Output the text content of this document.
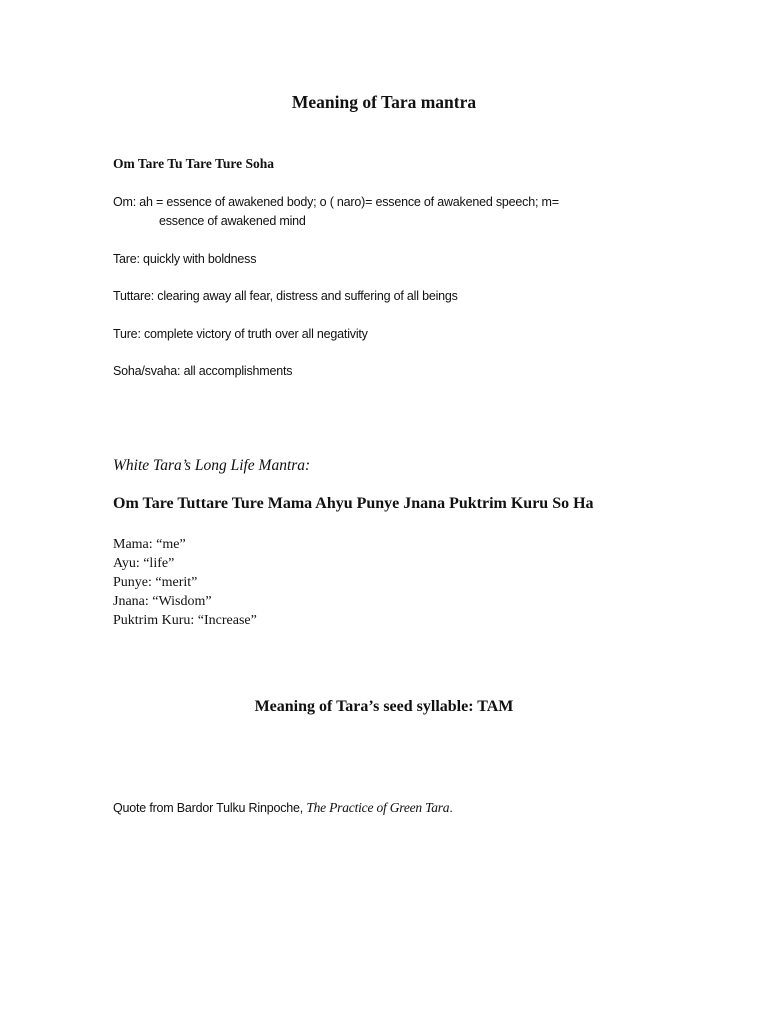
Meaning of Tara mantra
Om Tare Tu Tare Ture Soha
Om: ah = essence of awakened body; o ( naro)= essence of awakened speech; m=
essence of awakened mind
Tare: quickly with boldness
Tuttare: clearing away all fear, distress and suffering of all beings
Ture: complete victory of truth over all negativity
Soha/svaha: all accomplishments
White Tara’s Long Life Mantra:
Om Tare Tuttare Ture Mama Ahyu Punye Jnana Puktrim Kuru So Ha
Mama: “me”
Ayu: “life”
Punye: “merit”
Jnana: “Wisdom”
Puktrim Kuru: “Increase”
Meaning of Tara’s seed syllable: TAM
Quote from Bardor Tulku Rinpoche, The Practice of Green Tara.
